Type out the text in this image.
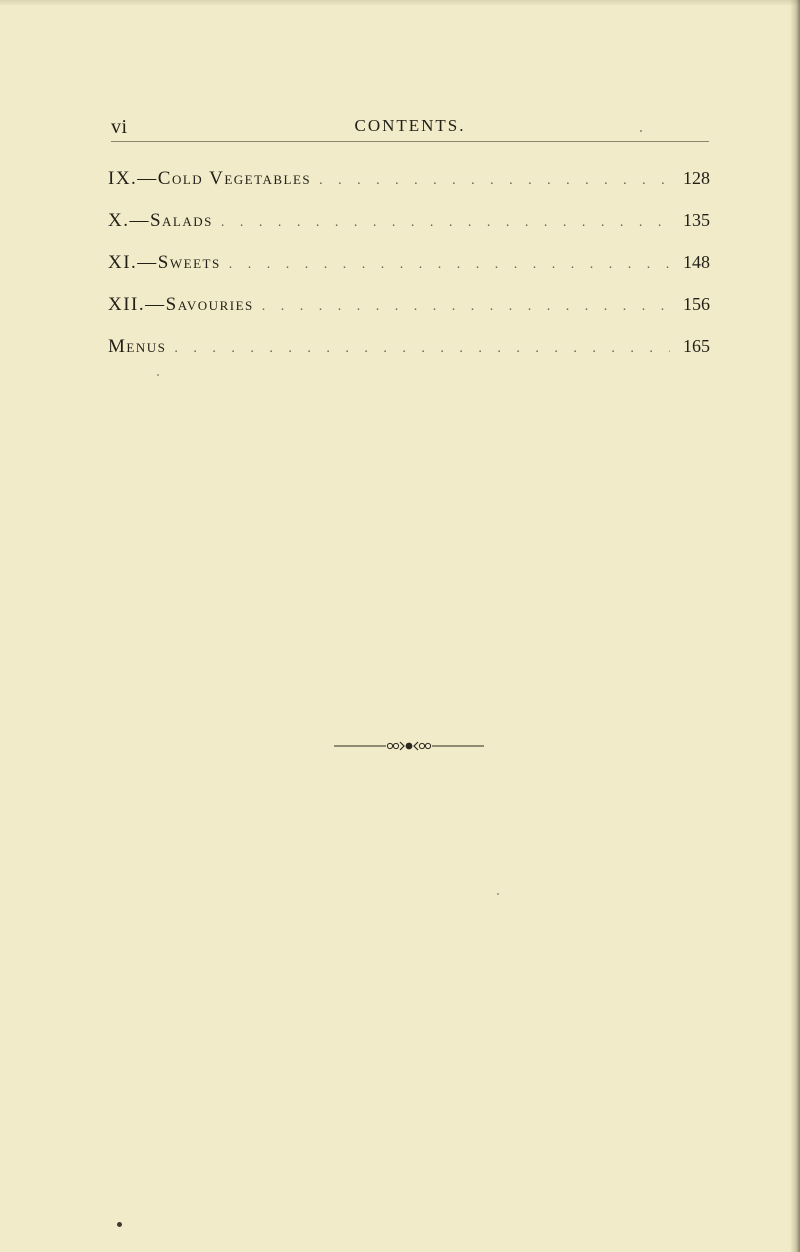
vi	CONTENTS.
IX.—Cold Vegetables . . .	128
X.—Salads . . .	135
XI.—Sweets . . .	148
XII.—Savouries . . .	156
Menus . . .	165
